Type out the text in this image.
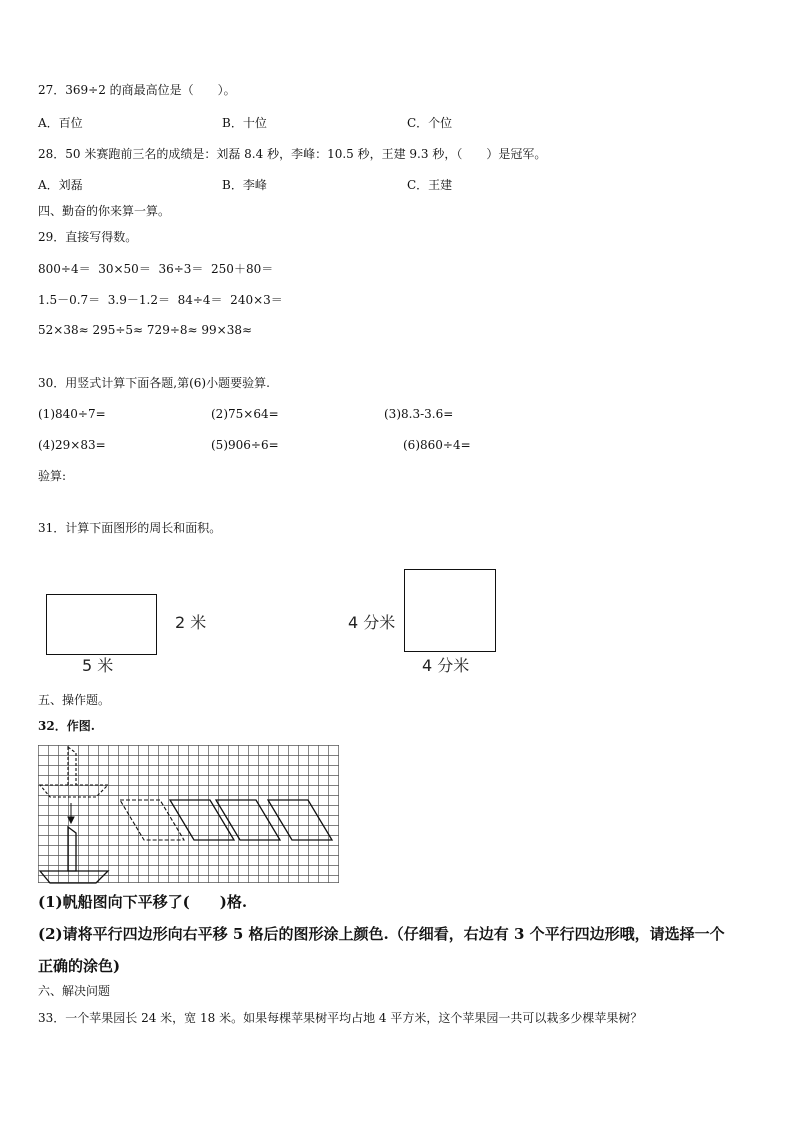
27．369÷2 的商最高位是（　　）。
A．百位	B．十位	C．个位
28．50 米赛跑前三名的成绩是：刘磊 8.4 秒，李峰：10.5 秒，王建 9.3 秒，（　　）是冠军。
A．刘磊	B．李峰	C．王建
四、勤奋的你来算一算。
29．直接写得数。
800÷4＝  30×50＝  36÷3＝  250＋80＝
1.5－0.7＝  3.9－1.2＝  84÷4＝  240×3＝
52×38≈ 295÷5≈ 729÷8≈ 99×38≈
30．用竖式计算下面各题,第(6)小题要验算.
(1)840÷7=	(2)75×64=	(3)8.3-3.6=
(4)29×83=	(5)906÷6=	(6)860÷4=
验算:
31．计算下面图形的周长和面积。
2 米
5 米
4 分米
4 分米
五、操作题。
32．作图.
(1)帆船图向下平移了(　　)格.
(2)请将平行四边形向右平移 5 格后的图形涂上颜色.（仔细看，右边有 3 个平行四边形哦，请选择一个
正确的涂色)
六、解决问题
33．一个苹果园长 24 米，宽 18 米。如果每棵苹果树平均占地 4 平方米，这个苹果园一共可以栽多少棵苹果树？
